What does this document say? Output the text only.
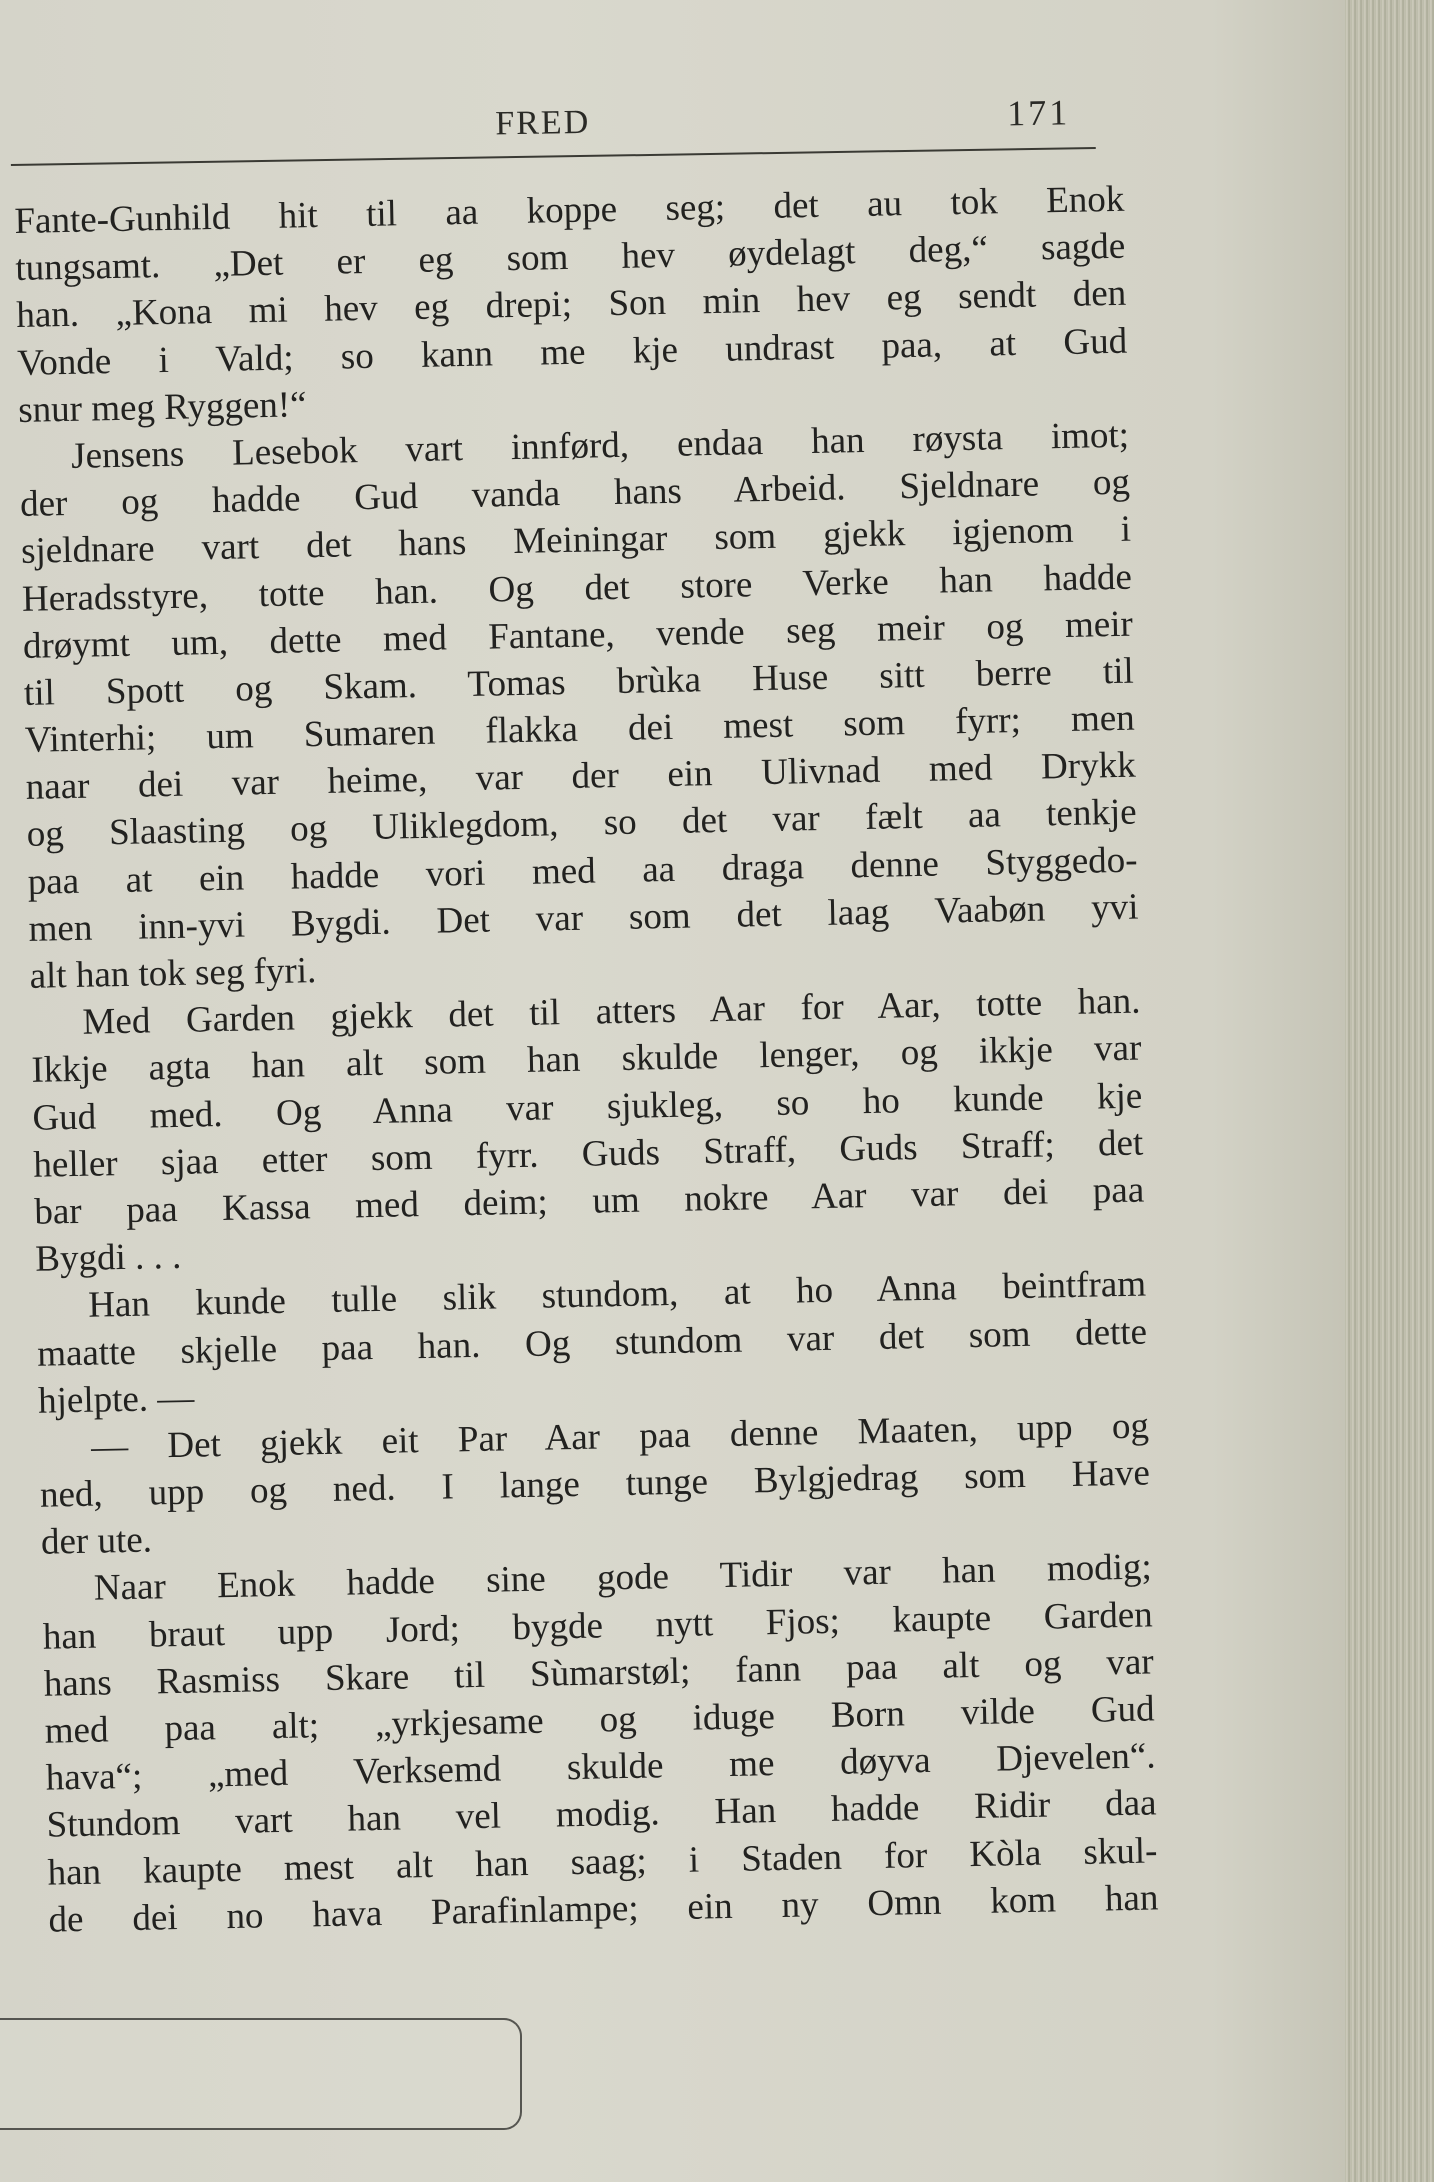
FRED	171
Fante-Gunhild hit til aa koppe seg; det au tok Enok
tungsamt. „Det er eg som hev øydelagt deg,“ sagde
han. „Kona mi hev eg drepi; Son min hev eg sendt den
Vonde i Vald; so kann me kje undrast paa, at Gud
snur meg Ryggen!“
Jensens Lesebok vart innførd, endaa han røysta imot;
der og hadde Gud vanda hans Arbeid. Sjeldnare og
sjeldnare vart det hans Meiningar som gjekk igjenom i
Heradsstyre, totte han. Og det store Verke han hadde
drøymt um, dette med Fantane, vende seg meir og meir
til Spott og Skam. Tomas brùka Huse sitt berre til
Vinterhi; um Sumaren flakka dei mest som fyrr; men
naar dei var heime, var der ein Ulivnad med Drykk
og Slaasting og Uliklegdom, so det var fælt aa tenkje
paa at ein hadde vori med aa draga denne Styggedo-
men inn-yvi Bygdi. Det var som det laag Vaabøn yvi
alt han tok seg fyri.
Med Garden gjekk det til atters Aar for Aar, totte han.
Ikkje agta han alt som han skulde lenger, og ikkje var
Gud med. Og Anna var sjukleg, so ho kunde kje
heller sjaa etter som fyrr. Guds Straff, Guds Straff; det
bar paa Kassa med deim; um nokre Aar var dei paa
Bygdi . . .
Han kunde tulle slik stundom, at ho Anna beintfram
maatte skjelle paa han. Og stundom var det som dette
hjelpte. —
— Det gjekk eit Par Aar paa denne Maaten, upp og
ned, upp og ned. I lange tunge Bylgjedrag som Have
der ute.
Naar Enok hadde sine gode Tidir var han modig;
han braut upp Jord; bygde nytt Fjos; kaupte Garden
hans Rasmiss Skare til Sùmarstøl; fann paa alt og var
med paa alt; „yrkjesame og iduge Born vilde Gud
hava“; „med Verksemd skulde me døyva Djevelen“.
Stundom vart han vel modig. Han hadde Ridir daa
han kaupte mest alt han saag; i Staden for Kòla skul-
de dei no hava Parafinlampe; ein ny Omn kom han
